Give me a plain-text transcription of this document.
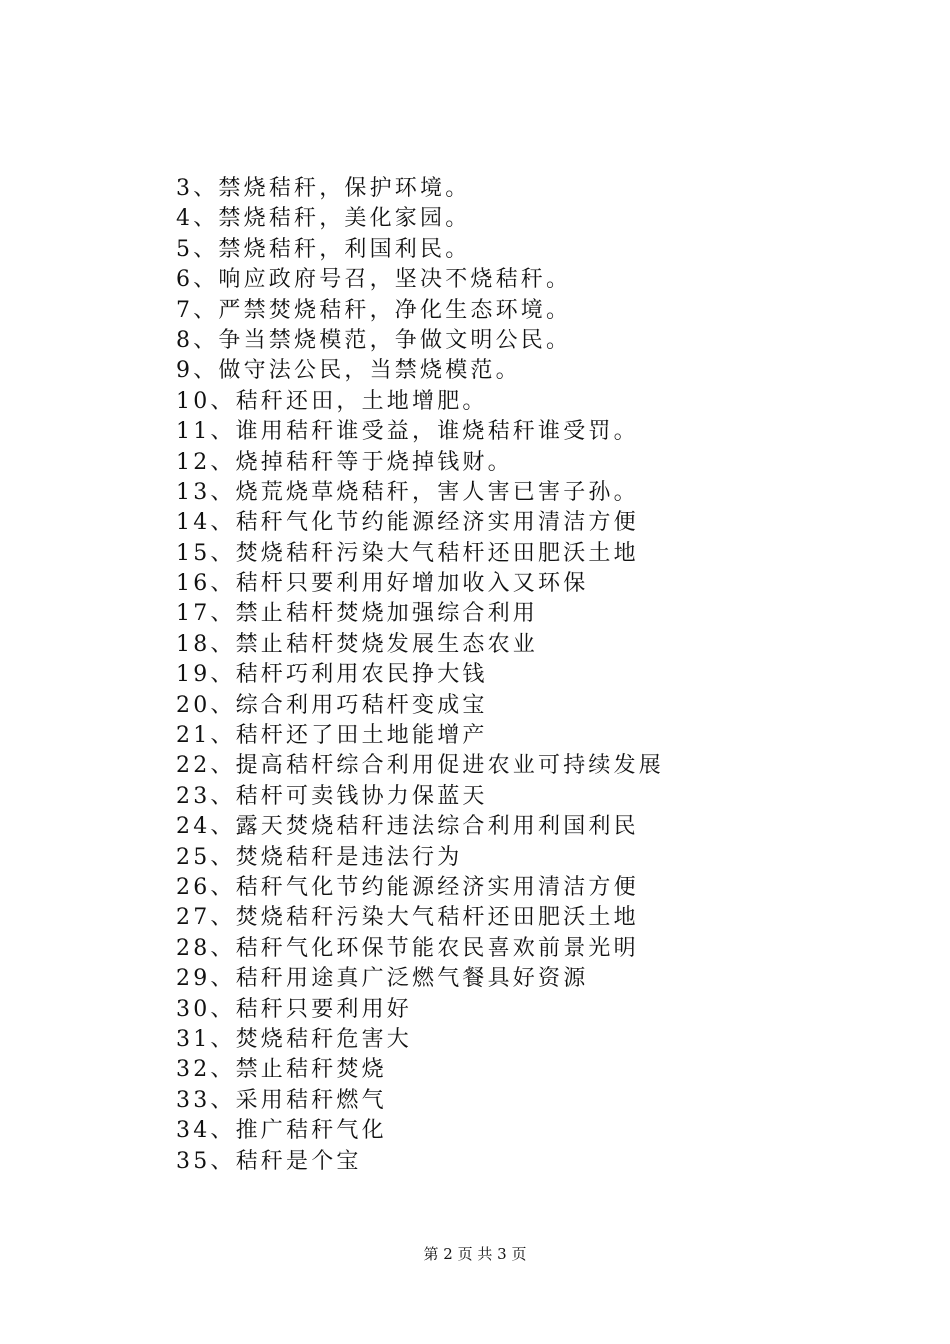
3、禁烧秸秆，保护环境。
4、禁烧秸秆，美化家园。
5、禁烧秸秆，利国利民。
6、响应政府号召，坚决不烧秸秆。
7、严禁焚烧秸秆，净化生态环境。
8、争当禁烧模范，争做文明公民。
9、做守法公民，当禁烧模范。
10、秸秆还田，土地增肥。
11、谁用秸秆谁受益，谁烧秸秆谁受罚。
12、烧掉秸秆等于烧掉钱财。
13、烧荒烧草烧秸秆，害人害已害子孙。
14、秸秆气化节约能源经济实用清洁方便
15、焚烧秸秆污染大气秸杆还田肥沃土地
16、秸杆只要利用好增加收入又环保
17、禁止秸杆焚烧加强综合利用
18、禁止秸杆焚烧发展生态农业
19、秸杆巧利用农民挣大钱
20、综合利用巧秸杆变成宝
21、秸杆还了田土地能增产
22、提高秸杆综合利用促进农业可持续发展
23、秸杆可卖钱协力保蓝天
24、露天焚烧秸秆违法综合利用利国利民
25、焚烧秸秆是违法行为
26、秸秆气化节约能源经济实用清洁方便
27、焚烧秸秆污染大气秸杆还田肥沃土地
28、秸秆气化环保节能农民喜欢前景光明
29、秸秆用途真广泛燃气餐具好资源
30、秸秆只要利用好
31、焚烧秸秆危害大
32、禁止秸秆焚烧
33、采用秸秆燃气
34、推广秸秆气化
35、秸秆是个宝
第 2 页 共 3 页
